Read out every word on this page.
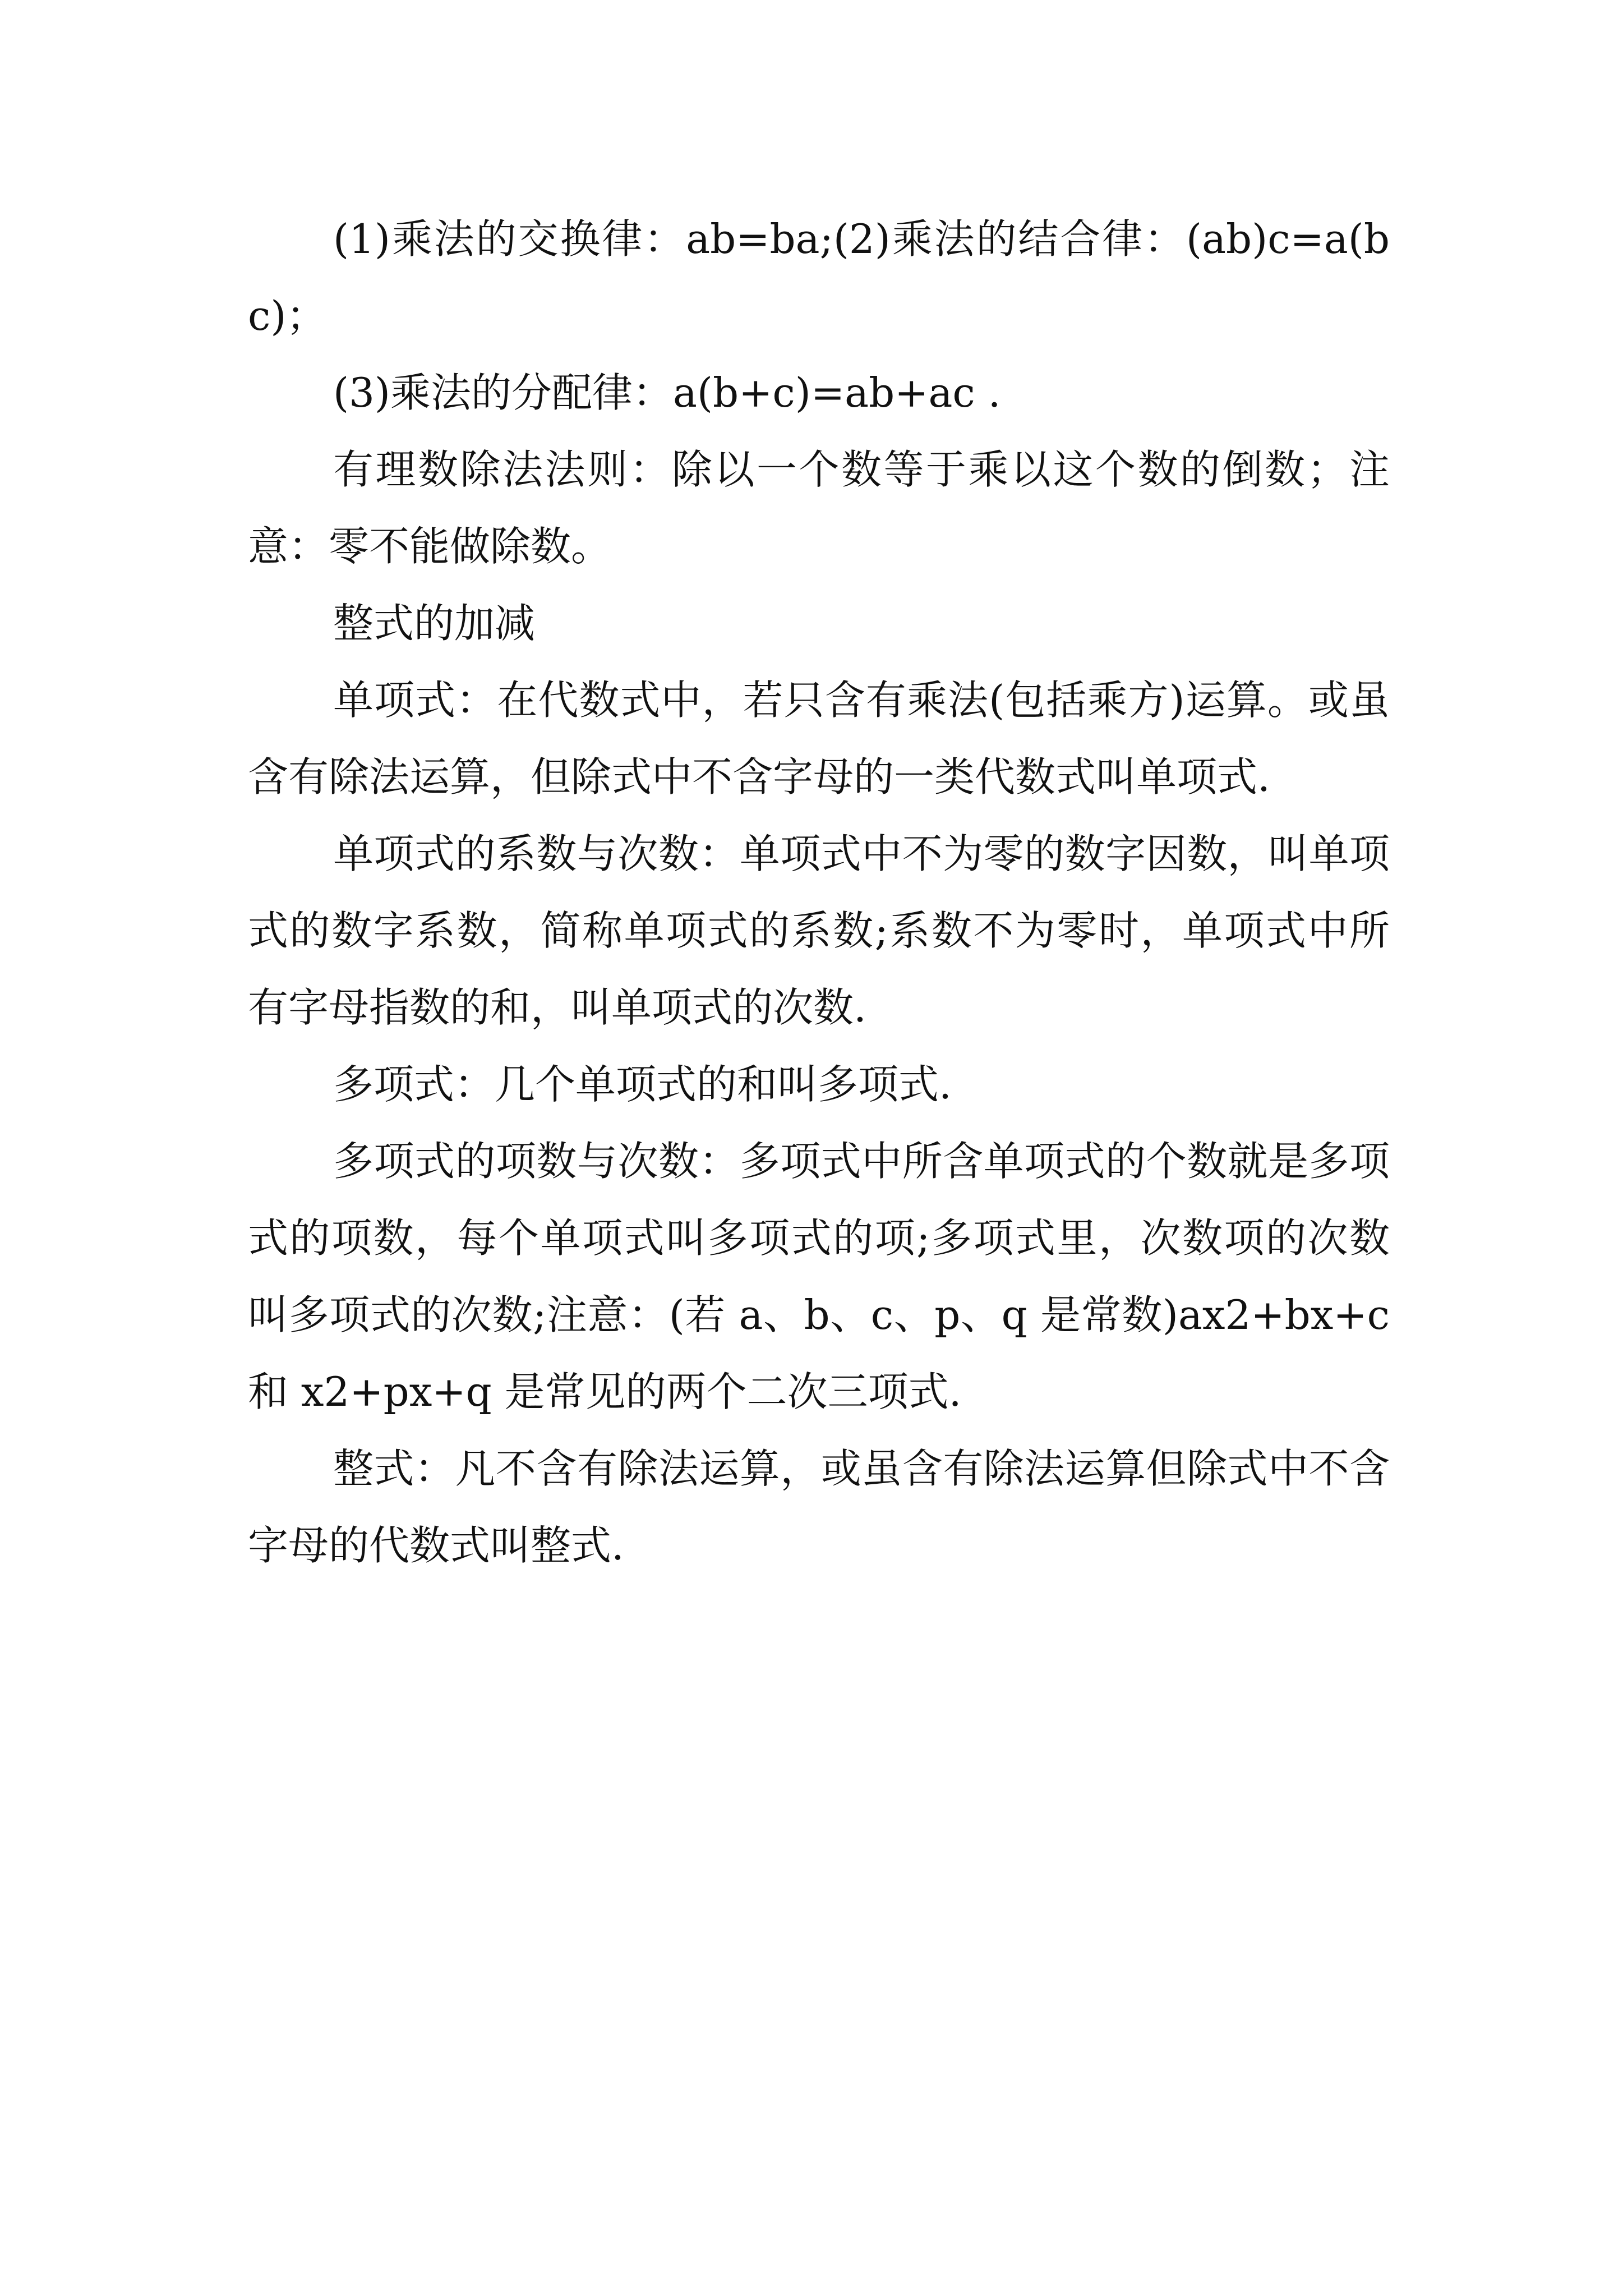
(1)乘法的交换律：ab=ba;(2)乘法的结合律：(ab)c=a(bc)；

(3)乘法的分配律：a(b+c)=ab+ac .

有理数除法法则：除以一个数等于乘以这个数的倒数；注意：零不能做除数。

整式的加减

单项式：在代数式中，若只含有乘法(包括乘方)运算。或虽含有除法运算，但除式中不含字母的一类代数式叫单项式.

单项式的系数与次数：单项式中不为零的数字因数，叫单项式的数字系数，简称单项式的系数;系数不为零时，单项式中所有字母指数的和，叫单项式的次数.

多项式：几个单项式的和叫多项式.

多项式的项数与次数：多项式中所含单项式的个数就是多项式的项数，每个单项式叫多项式的项;多项式里，次数项的次数叫多项式的次数;注意：(若 a、b、c、p、q 是常数)ax2+bx+c 和 x2+px+q 是常见的两个二次三项式.

整式：凡不含有除法运算，或虽含有除法运算但除式中不含字母的代数式叫整式.
